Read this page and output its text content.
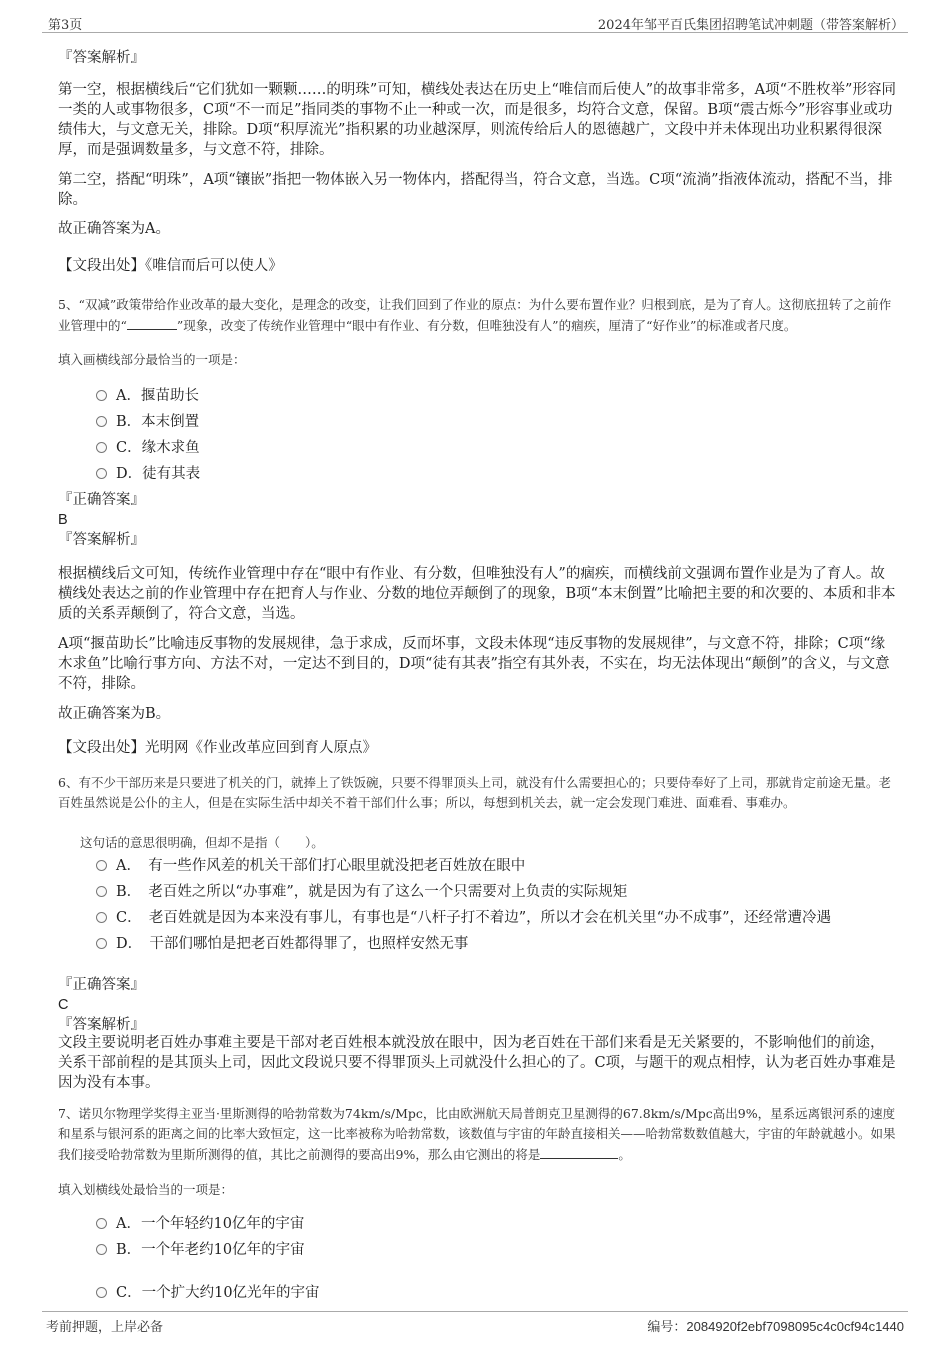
第3页	2024年邹平百氏集团招聘笔试冲刺题（带答案解析）
『答案解析』

第一空，根据横线后“它们犹如一颗颗……的明珠”可知，横线处表达在历史上“唯信而后使人”的故事非常多，A项“不胜枚举”形容同一类的人或事物很多，C项“不一而足”指同类的事物不止一种或一次，而是很多，均符合文意，保留。B项“震古烁今”形容事业或功绩伟大，与文意无关，排除。D项“积厚流光”指积累的功业越深厚，则流传给后人的恩德越广，文段中并未体现出功业积累得很深厚，而是强调数量多，与文意不符，排除。

第二空，搭配“明珠”，A项“镶嵌”指把一物体嵌入另一物体内，搭配得当，符合文意，当选。C项“流淌”指液体流动，搭配不当，排除。

故正确答案为A。

【文段出处】《唯信而后可以使人》

5、“双减”政策带给作业改革的最大变化，是理念的改变，让我们回到了作业的原点：为什么要布置作业？归根到底，是为了育人。这彻底扭转了之前作业管理中的“	”现象，改变了传统作业管理中“眼中有作业、有分数，但唯独没有人”的痼疾，厘清了“好作业”的标准或者尺度。

填入画横线部分最恰当的一项是：

A．揠苗助长
B．本末倒置
C．缘木求鱼
D．徒有其表
『正确答案』
B
『答案解析』

根据横线后文可知，传统作业管理中存在“眼中有作业、有分数，但唯独没有人”的痼疾，而横线前文强调布置作业是为了育人。故横线处表达之前的作业管理中存在把育人与作业、分数的地位弄颠倒了的现象，B项“本末倒置”比喻把主要的和次要的、本质和非本质的关系弄颠倒了，符合文意，当选。

A项“揠苗助长”比喻违反事物的发展规律，急于求成，反而坏事，文段未体现“违反事物的发展规律”，与文意不符，排除；C项“缘木求鱼”比喻行事方向、方法不对，一定达不到目的，D项“徒有其表”指空有其外表，不实在，均无法体现出“颠倒”的含义，与文意不符，排除。

故正确答案为B。

【文段出处】光明网《作业改革应回到育人原点》

6、有不少干部历来是只要进了机关的门，就捧上了铁饭碗，只要不得罪顶头上司，就没有什么需要担心的；只要侍奉好了上司，那就肯定前途无量。老百姓虽然说是公仆的主人，但是在实际生活中却关不着干部们什么事；所以，每想到机关去，就一定会发现门难进、面难看、事难办。

这句话的意思很明确，但却不是指（　　）。

A．　有一些作风差的机关干部们打心眼里就没把老百姓放在眼中
B．　老百姓之所以“办事难”，就是因为有了这么一个只需要对上负责的实际规矩
C．　老百姓就是因为本来没有事儿，有事也是“八杆子打不着边”，所以才会在机关里“办不成事”，还经常遭冷遇
D．　干部们哪怕是把老百姓都得罪了，也照样安然无事
『正确答案』
C
『答案解析』

文段主要说明老百姓办事难主要是干部对老百姓根本就没放在眼中，因为老百姓在干部们来看是无关紧要的，不影响他们的前途，关系干部前程的是其顶头上司，因此文段说只要不得罪顶头上司就没什么担心的了。C项，与题干的观点相悖，认为老百姓办事难是因为没有本事。

7、诺贝尔物理学奖得主亚当·里斯测得的哈勃常数为74km/s/Mpc，比由欧洲航天局普朗克卫星测得的67.8km/s/Mpc高出9%，星系远离银河系的速度和星系与银河系的距离之间的比率大致恒定，这一比率被称为哈勃常数，该数值与宇宙的年龄直接相关——哈勃常数数值越大，宇宙的年龄就越小。如果我们接受哈勃常数为里斯所测得的值，其比之前测得的要高出9%，那么由它测出的将是	。

填入划横线处最恰当的一项是：

A．一个年轻约10亿年的宇宙
B．一个年老约10亿年的宇宙
C．一个扩大约10亿光年的宇宙
考前押题，上岸必备	编号：2084920f2ebf7098095c4c0cf94c1440
